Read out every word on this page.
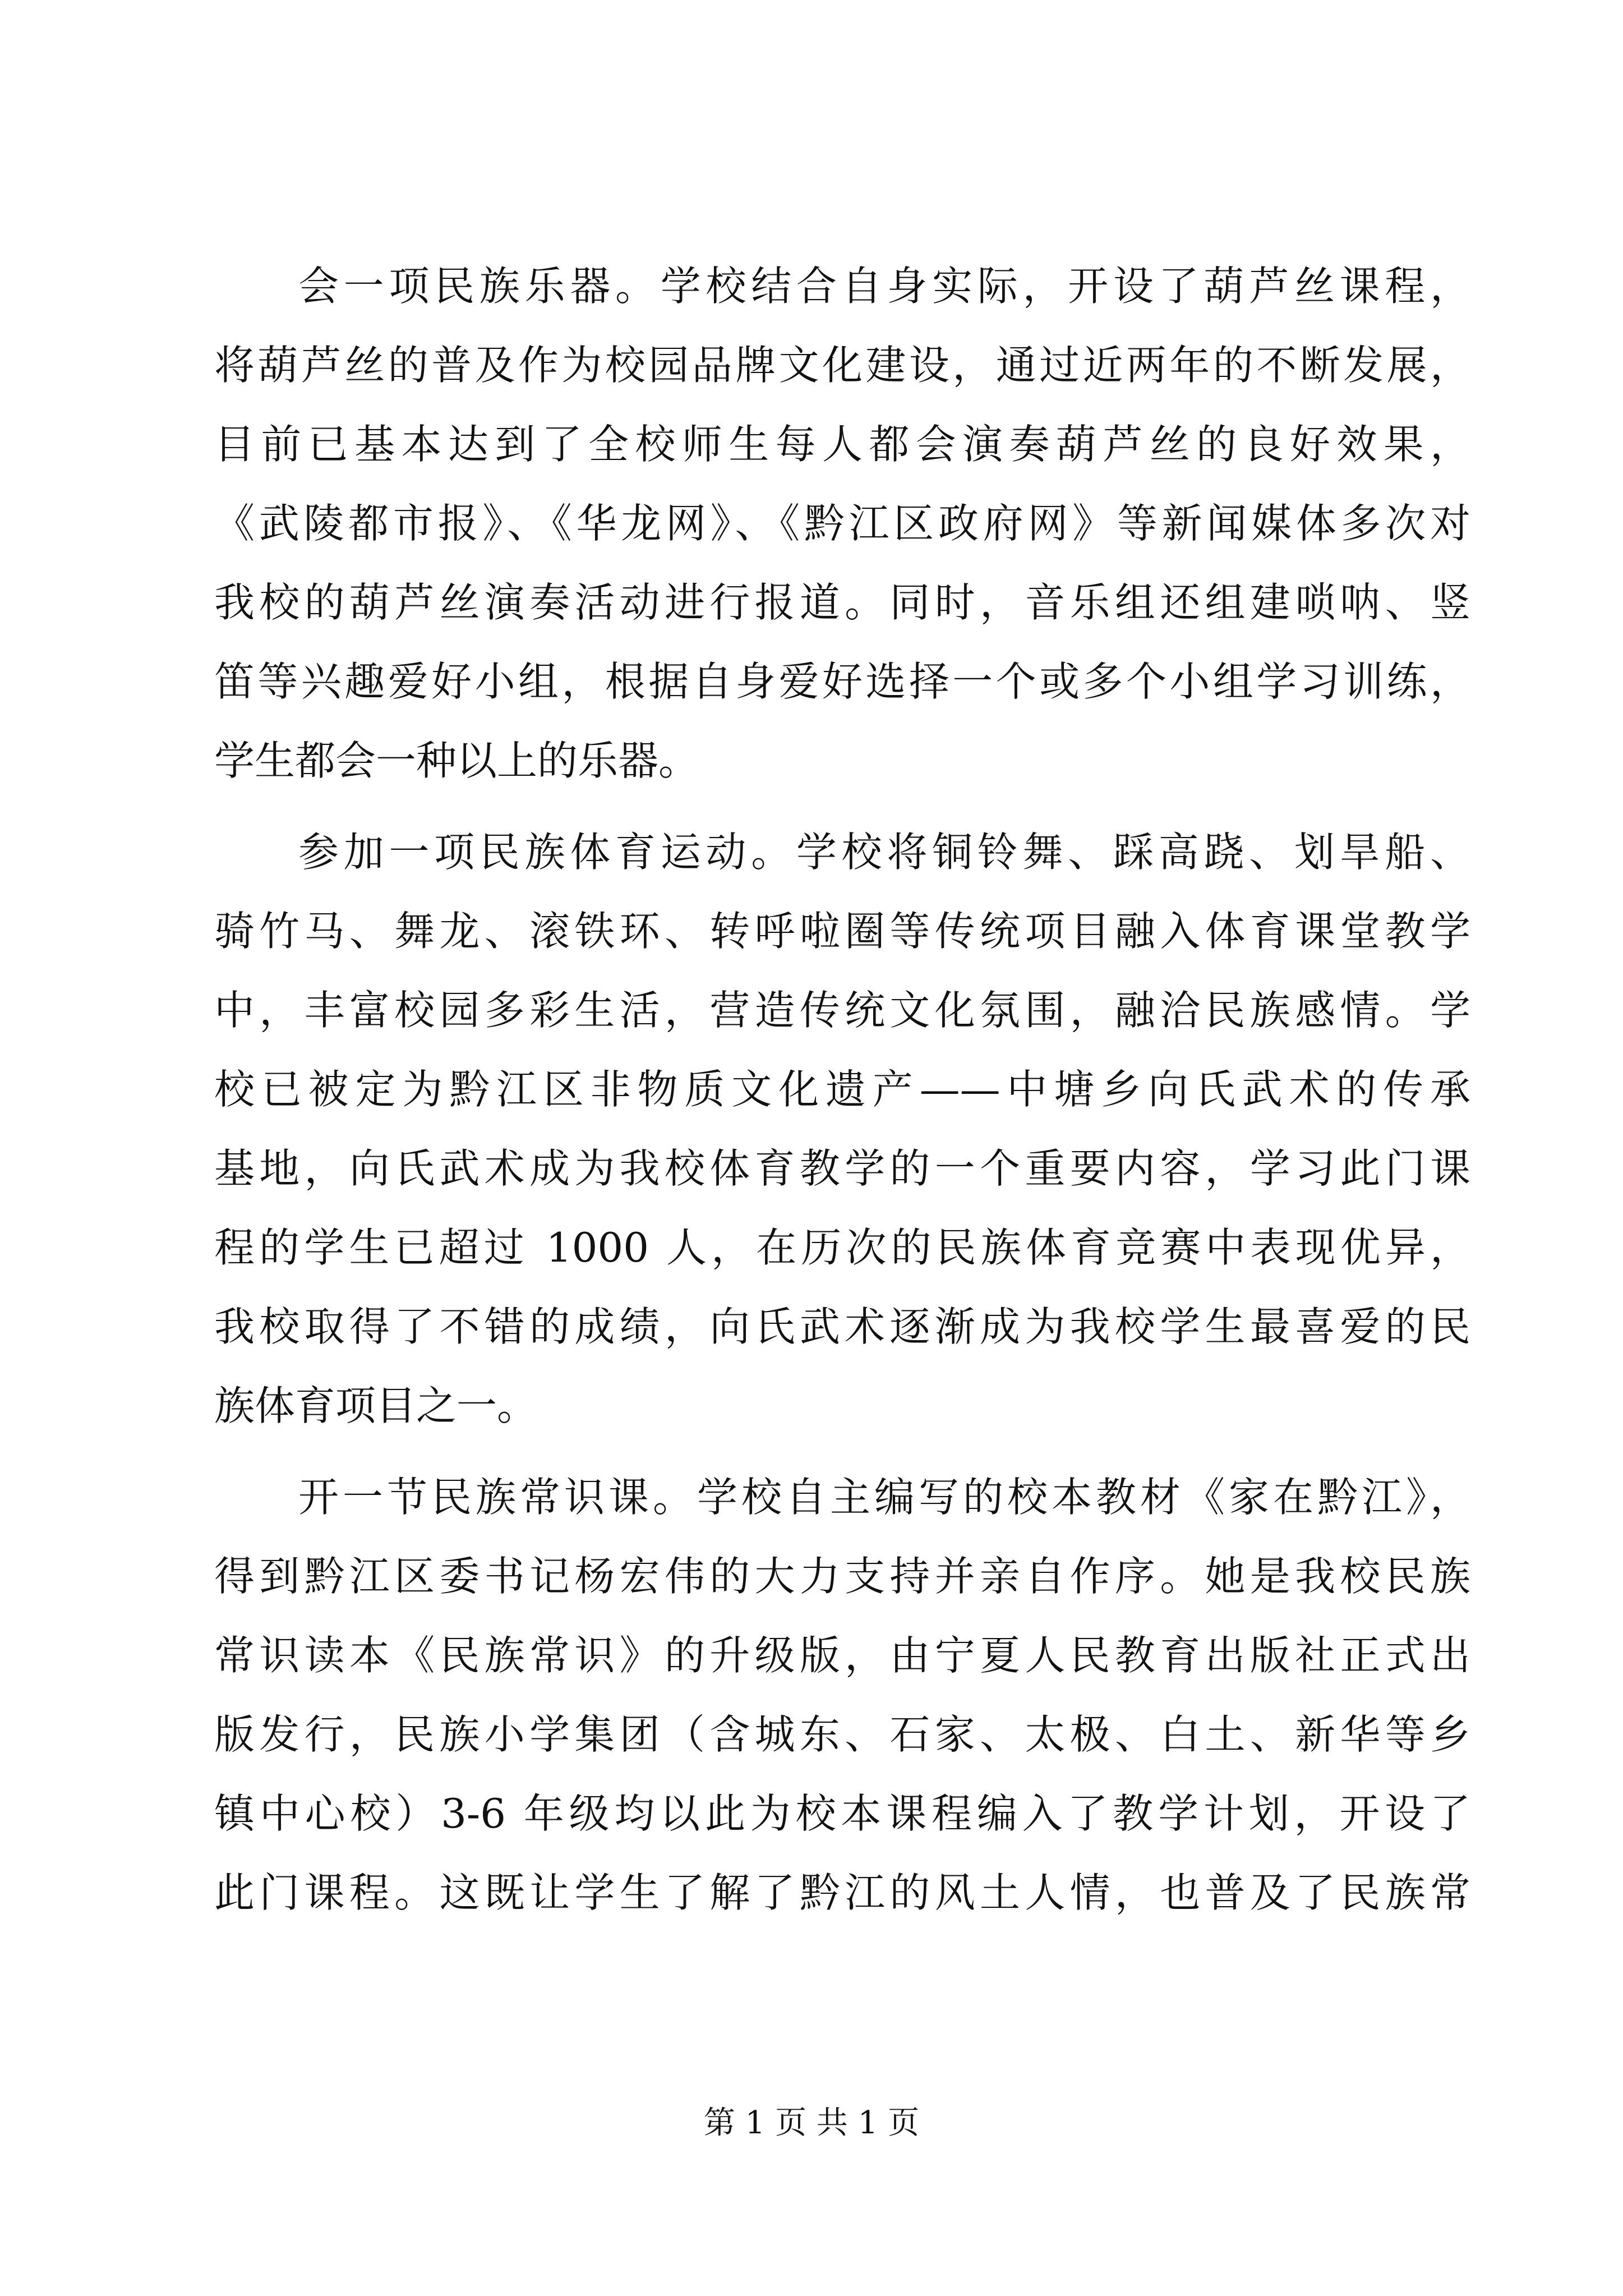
会一项民族乐器。学校结合自身实际，开设了葫芦丝课程，
将葫芦丝的普及作为校园品牌文化建设，通过近两年的不断发展，
目前已基本达到了全校师生每人都会演奏葫芦丝的良好效果，
《武陵都市报》、《华龙网》、《黔江区政府网》等新闻媒体多次对
我校的葫芦丝演奏活动进行报道。同时，音乐组还组建唢呐、竖
笛等兴趣爱好小组，根据自身爱好选择一个或多个小组学习训练，
学生都会一种以上的乐器。
参加一项民族体育运动。学校将铜铃舞、踩高跷、划旱船、
骑竹马、舞龙、滚铁环、转呼啦圈等传统项目融入体育课堂教学
中，丰富校园多彩生活，营造传统文化氛围，融洽民族感情。学
校已被定为黔江区非物质文化遗产——中塘乡向氏武术的传承
基地，向氏武术成为我校体育教学的一个重要内容，学习此门课
程的学生已超过 1000 人，在历次的民族体育竞赛中表现优异，
我校取得了不错的成绩，向氏武术逐渐成为我校学生最喜爱的民
族体育项目之一。
开一节民族常识课。学校自主编写的校本教材《家在黔江》，
得到黔江区委书记杨宏伟的大力支持并亲自作序。她是我校民族
常识读本《民族常识》的升级版，由宁夏人民教育出版社正式出
版发行，民族小学集团（含城东、石家、太极、白土、新华等乡
镇中心校）3-6 年级均以此为校本课程编入了教学计划，开设了
此门课程。这既让学生了解了黔江的风土人情，也普及了民族常
第 1 页 共 1 页
